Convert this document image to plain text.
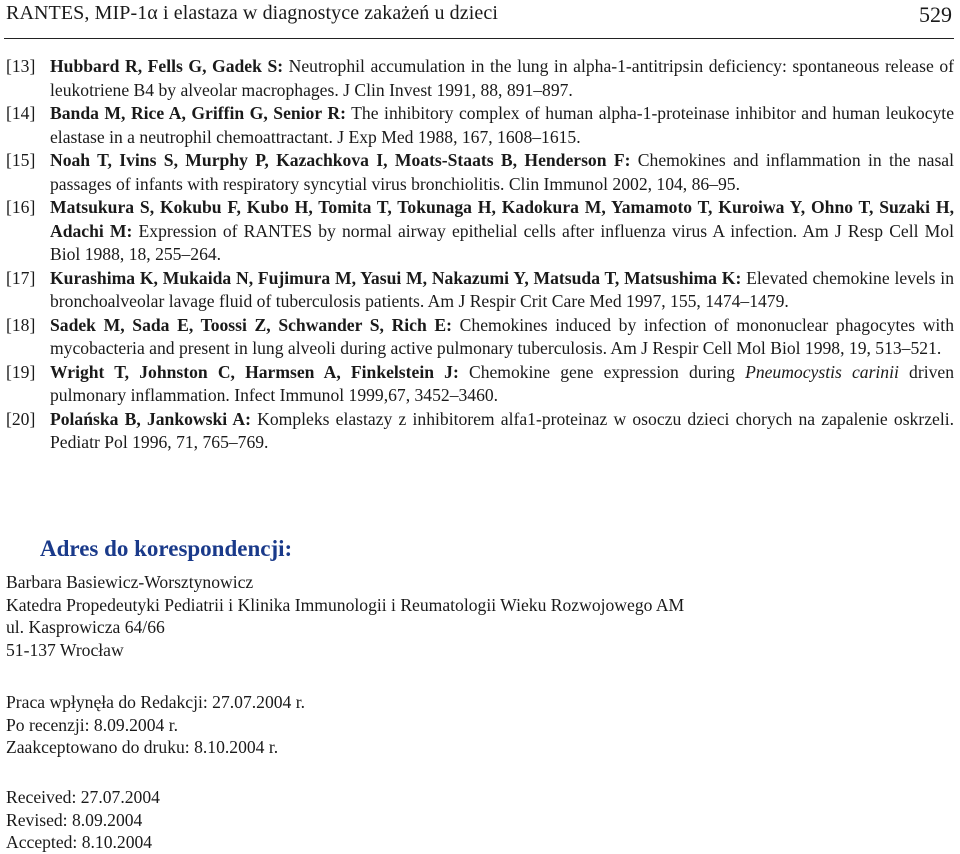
RANTES, MIP-1α i elastaza w diagnostyce zakażeń u dzieci	529

[13] Hubbard R, Fells G, Gadek S: Neutrophil accumulation in the lung in alpha-1-antitripsin deficiency: spontaneous release of leukotriene B4 by alveolar macrophages. J Clin Invest 1991, 88, 891–897.

[14] Banda M, Rice A, Griffin G, Senior R: The inhibitory complex of human alpha-1-proteinase inhibitor and human leukocyte elastase in a neutrophil chemoattractant. J Exp Med 1988, 167, 1608–1615.

[15] Noah T, Ivins S, Murphy P, Kazachkova I, Moats-Staats B, Henderson F: Chemokines and inflammation in the nasal passages of infants with respiratory syncytial virus bronchiolitis. Clin Immunol 2002, 104, 86–95.

[16] Matsukura S, Kokubu F, Kubo H, Tomita T, Tokunaga H, Kadokura M, Yamamoto T, Kuroiwa Y, Ohno T, Suzaki H, Adachi M: Expression of RANTES by normal airway epithelial cells after influenza virus A infection. Am J Resp Cell Mol Biol 1988, 18, 255–264.

[17] Kurashima K, Mukaida N, Fujimura M, Yasui M, Nakazumi Y, Matsuda T, Matsushima K: Elevated chemokine levels in bronchoalveolar lavage fluid of tuberculosis patients. Am J Respir Crit Care Med 1997, 155, 1474–1479.

[18] Sadek M, Sada E, Toossi Z, Schwander S, Rich E: Chemokines induced by infection of mononuclear phagocytes with mycobacteria and present in lung alveoli during active pulmonary tuberculosis. Am J Respir Cell Mol Biol 1998, 19, 513–521.

[19] Wright T, Johnston C, Harmsen A, Finkelstein J: Chemokine gene expression during Pneumocystis carinii driven pulmonary inflammation. Infect Immunol 1999,67, 3452–3460.

[20] Polańska B, Jankowski A: Kompleks elastazy z inhibitorem alfa1-proteinaz w osoczu dzieci chorych na zapalenie oskrzeli. Pediatr Pol 1996, 71, 765–769.

Adres do korespondencji:
Barbara Basiewicz-Worsztynowicz
Katedra Propedeutyki Pediatrii i Klinika Immunologii i Reumatologii Wieku Rozwojowego AM
ul. Kasprowicza 64/66
51-137 Wrocław
Praca wpłynęła do Redakcji: 27.07.2004 r.
Po recenzji: 8.09.2004 r.
Zaakceptowano do druku: 8.10.2004 r.
Received: 27.07.2004
Revised: 8.09.2004
Accepted: 8.10.2004
